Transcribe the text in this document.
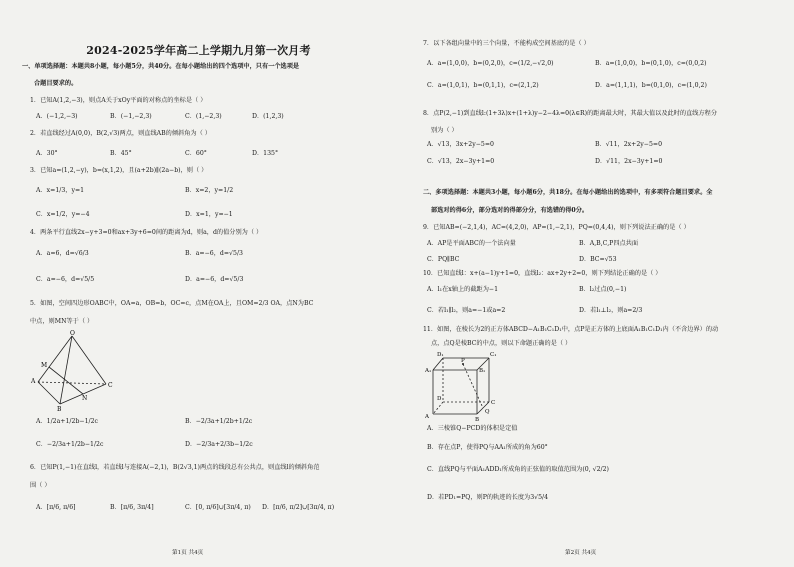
2024-2025学年高二上学期九月第一次月考
一、单项选择题：本题共8小题，每小题5分，共40分。在每小题给出的四个选项中，只有一个选项是
合题目要求的。
1．已知A(1,2,−3)，则点A关于xOy平面的对称点的坐标是（ ）
A．(−1,2,−3)	B．(−1,−2,3)	C．(1,−2,3)	D．(1,2,3)
2．若直线经过A(0,0)，B(2,√3)两点，则直线AB的倾斜角为（ ）
A．30°	B．45°	C．60°	D．135°
3．已知a=(1,2,−y)，b=(x,1,2)，且(a+2b)∥(2a−b)，则（ ）
A．x=1/3，y=1	B．x=2，y=1/2
C．x=1/2，y=−4	D．x=1，y=−1
4．两条平行直线2x−y+3=0和ax+3y+6=0间的距离为d，则a，d的值分别为（ ）
A．a=6，d=√6/3	B．a=−6，d=√5/3
C．a=−6，d=√5/5	D．a=−6，d=√5/3
5．如图，空间四边形OABC中，OA=a，OB=b，OC=c，点M在OA上，且OM=2/3 OA，点N为BC
中点，则MN等于（ ）
O
M
A
C
N
B
A．1/2a+1/2b−1/2c	B．−2/3a+1/2b+1/2c
C．−2/3a+1/2b−1/2c	D．−2/3a+2/3b−1/2c
6．已知P(1,−1)在直线l，若直线l与连接A(−2,1)，B(2√3,1)两点的线段总有公共点，则直线l的倾斜角范
围（ ）
A．[π/6, π/6]	B．[π/6, 3π/4]	C．[0, π/6]∪[3π/4, π) D．[π/6, π/2]∪[3π/4, π)
第1页 共4页
7．以下各组向量中的三个向量，不能构成空间基底的是（ ）
A．a=(1,0,0)，b=(0,2,0)，c=(1/2,−√2,0)	B．a=(1,0,0)，b=(0,1,0)，c=(0,0,2)
C．a=(1,0,1)，b=(0,1,1)，c=(2,1,2)	D．a=(1,1,1)，b=(0,1,0)，c=(1,0,2)
8．点P(2,−1)到直线l:(1+3λ)x+(1+λ)y−2−4λ=0(λ∈R)的距离最大时，其最大值以及此时的直线方程分
别为（ ）
A．√13，3x+2y−5=0	B．√11，2x+2y−5=0
C．√13，2x−3y+1=0	D．√11，2x−3y+1=0
二、多项选择题：本题共3小题，每小题6分，共18分。在每小题给出的选项中，有多项符合题目要求。全
部选对的得6分，部分选对的得部分分，有选错的得0分。
9．已知AB=(−2,1,4)，AC=(4,2,0)，AP=(1,−2,1)，PQ=(0,4,4)，则下列说法正确的是（ ）
A．AP是平面ABC的一个法向量	B．A,B,C,P四点共面
C．PQ∥BC	D．BC=√53
10．已知直线l：x+(a−1)y+1=0，直线l₂：ax+2y+2=0，则下列结论正确的是（ ）
A．l₁在x轴上的截距为−1	B．l₂过点(0,−1)
C．若l₁∥l₂，则a=−1或a=2	D．若l₁⊥l₂，则a=2/3
11．如图，在棱长为2的正方体ABCD−A₁B₁C₁D₁中，点P是正方体的上底面A₁B₁C₁D₁内（不含边界）的动
点，点Q是棱BC的中点，则以下命题正确的是（ ）
D₁	C₁
A₁
P
B₁
D
C
A	B
Q
A．三棱锥Q−PCD的体积是定值
B．存在点P，使得PQ与AA₁所成的角为60°
C．直线PQ与平面A₁ADD₁所成角的正弦值的取值范围为(0, √2/2)
D．若PD₁=PQ，则P的轨迹的长度为3√5/4
第2页 共4页
